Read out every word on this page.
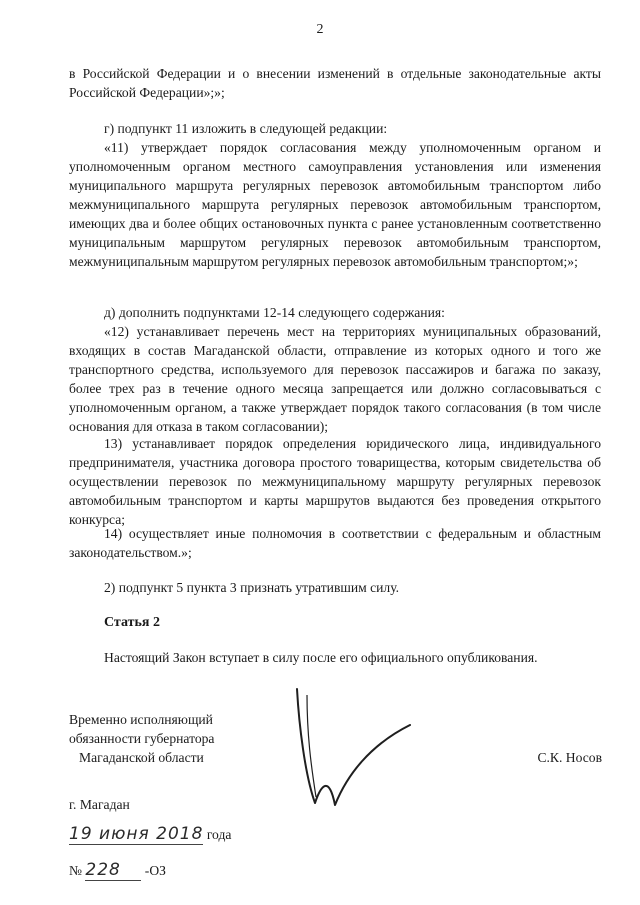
2

в Российской Федерации и о внесении изменений в отдельные законодательные акты Российской Федерации»;»;

г) подпункт 11 изложить в следующей редакции:

«11) утверждает порядок согласования между уполномоченным органом и уполномоченным органом местного самоуправления установления или изменения муниципального маршрута регулярных перевозок автомобильным транспортом либо межмуниципального маршрута регулярных перевозок автомобильным транспортом, имеющих два и более общих остановочных пункта с ранее установленным соответственно муниципальным маршрутом регулярных перевозок автомобильным транспортом, межмуниципальным маршрутом регулярных перевозок автомобильным транспортом;»;

д) дополнить подпунктами 12-14 следующего содержания:

«12) устанавливает перечень мест на территориях муниципальных образований, входящих в состав Магаданской области, отправление из которых одного и того же транспортного средства, используемого для перевозок пассажиров и багажа по заказу, более трех раз в течение одного месяца запрещается или должно согласовываться с уполномоченным органом, а также утверждает порядок такого согласования (в том числе основания для отказа в таком согласовании);

13) устанавливает порядок определения юридического лица, индивидуального предпринимателя, участника договора простого товарищества, которым свидетельства об осуществлении перевозок по межмуниципальному маршруту регулярных перевозок автомобильным транспортом и карты маршрутов выдаются без проведения открытого конкурса;

14) осуществляет иные полномочия в соответствии с федеральным и областным законодательством.»;

2) подпункт 5 пункта 3 признать утратившим силу.

Статья 2

Настоящий Закон вступает в силу после его официального опубликования.

Временно исполняющий
обязанности губернатора
Магаданской области	С.К. Носов
г. Магадан
19 июня 2018 года
№ 228 -ОЗ
